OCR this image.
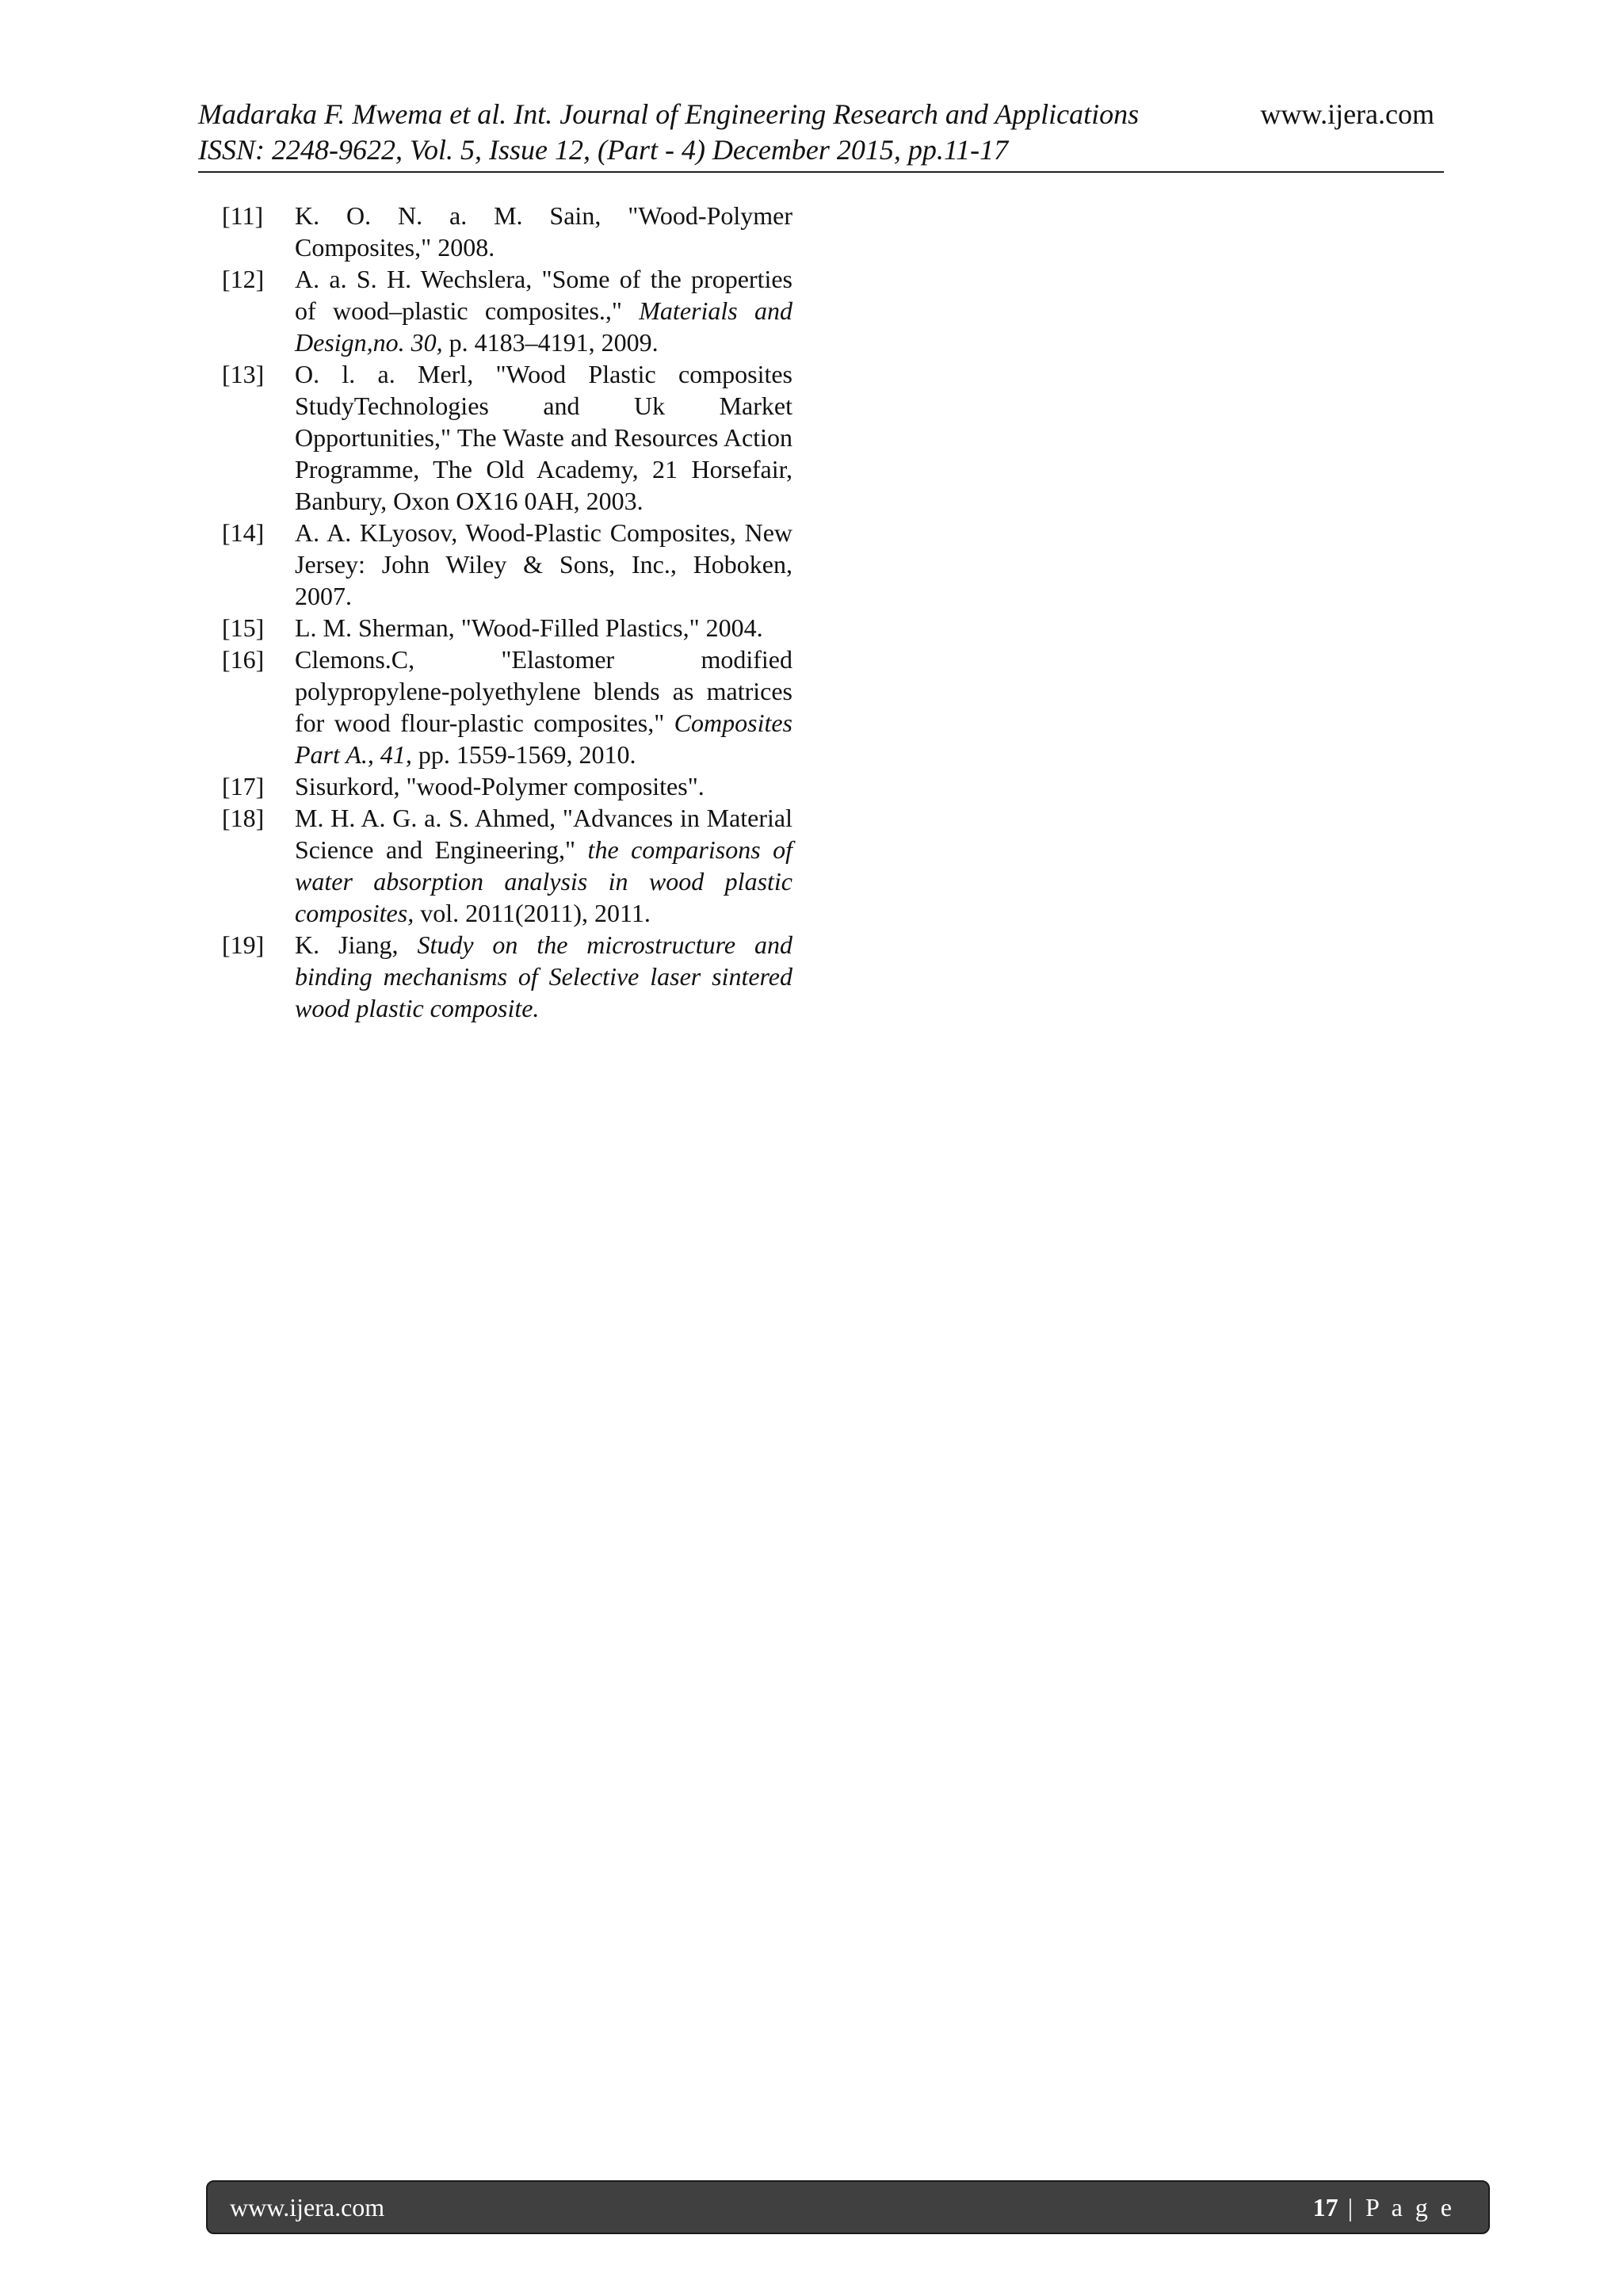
Madaraka F. Mwema et al. Int. Journal of Engineering Research and Applications	www.ijera.com
ISSN: 2248-9622, Vol. 5, Issue 12, (Part - 4) December 2015, pp.11-17
[11]	K. O. N. a. M. Sain, "Wood-Polymer Composites," 2008.
[12]	A. a. S. H. Wechslera, "Some of the properties of wood–plastic composites.," Materials and Design,no. 30, p. 4183–4191, 2009.
[13]	O. l. a. Merl, "Wood Plastic composites StudyTechnologies and Uk Market Opportunities," The Waste and Resources Action Programme, The Old Academy, 21 Horsefair, Banbury, Oxon OX16 0AH, 2003.
[14]	A. A. KLyosov, Wood-Plastic Composites, New Jersey: John Wiley & Sons, Inc., Hoboken, 2007.
[15]	L. M. Sherman, "Wood-Filled Plastics," 2004.
[16]	Clemons.C, "Elastomer modified polypropylene-polyethylene blends as matrices for wood flour-plastic composites," Composites Part A., 41, pp. 1559-1569, 2010.
[17]	Sisurkord, "wood-Polymer composites".
[18]	M. H. A. G. a. S. Ahmed, "Advances in Material Science and Engineering," the comparisons of water absorption analysis in wood plastic composites, vol. 2011(2011), 2011.
[19]	K. Jiang, Study on the microstructure and binding mechanisms of Selective laser sintered wood plastic composite.
www.ijera.com	17 | P a g e
